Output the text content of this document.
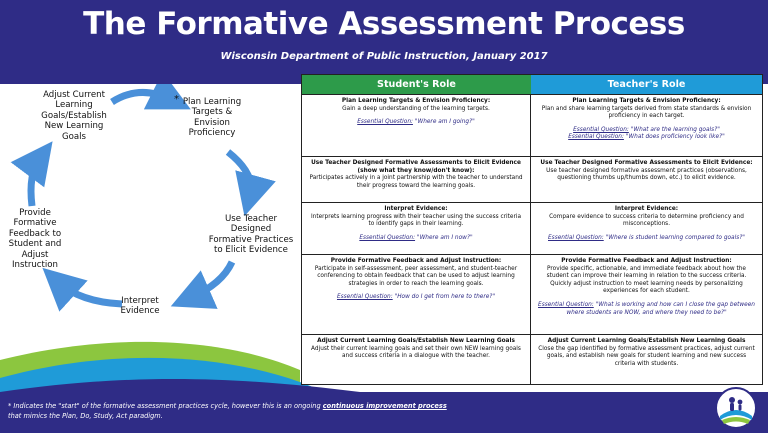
The Formative Assessment Process
Wisconsin Department of Public Instruction, January 2017
* Plan Learning Targets & Envision Proficiency
Use Teacher Designed Formative Practices to Elicit Evidence
Interpret Evidence
Provide Formative Feedback to Student and Adjust Instruction
Adjust Current Learning Goals/Establish New Learning Goals
Student's Role	Teacher's Role
Plan Learning Targets & Envision Proficiency:
Gain a deep understanding of the learning targets.
Essential Question: "Where am I going?"
Plan Learning Targets & Envision Proficiency:
Plan and share learning targets derived from state standards & envision proficiency in each target.
Essential Question: "What are the learning goals?"
Essential Question: "What does proficiency look like?"
Use Teacher Designed Formative Assessments to Elicit Evidence (show what they know/don't know):
Participates actively in a joint partnership with the teacher to understand their progress toward the learning goals.
Use Teacher Designed Formative Assessments to Elicit Evidence:
Use teacher designed formative assessment practices (observations, questioning thumbs up/thumbs down, etc.) to elicit evidence.
Interpret Evidence:
Interprets learning progress with their teacher using the success criteria to identify gaps in their learning.
Essential Question: "Where am I now?"
Interpret Evidence:
Compare evidence to success criteria to determine proficiency and misconceptions.
Essential Question: "Where is student learning compared to goals?"
Provide Formative Feedback and Adjust Instruction:
Participate in self-assessment, peer assessment, and student-teacher conferencing to obtain feedback that can be used to adjust learning strategies in order to reach the learning goals.
Essential Question: "How do I get from here to there?"
Provide Formative Feedback and Adjust Instruction:
Provide specific, actionable, and immediate feedback about how the student can improve their learning in relation to the success criteria. Quickly adjust instruction to meet learning needs by personalizing experiences for each student.
Essential Question: "What is working and how can I close the gap between where students are NOW, and where they need to be?"
Adjust Current Learning Goals/Establish New Learning Goals
Adjust their current learning goals and set their own NEW learning goals and success criteria in a dialogue with the teacher.
Adjust Current Learning Goals/Establish New Learning Goals
Close the gap identified by formative assessment practices, adjust current goals, and establish new goals for student learning and new success criteria with students.
* Indicates the "start" of the formative assessment practices cycle, however this is an ongoing continuous improvement process that mimics the Plan, Do, Study, Act paradigm.
